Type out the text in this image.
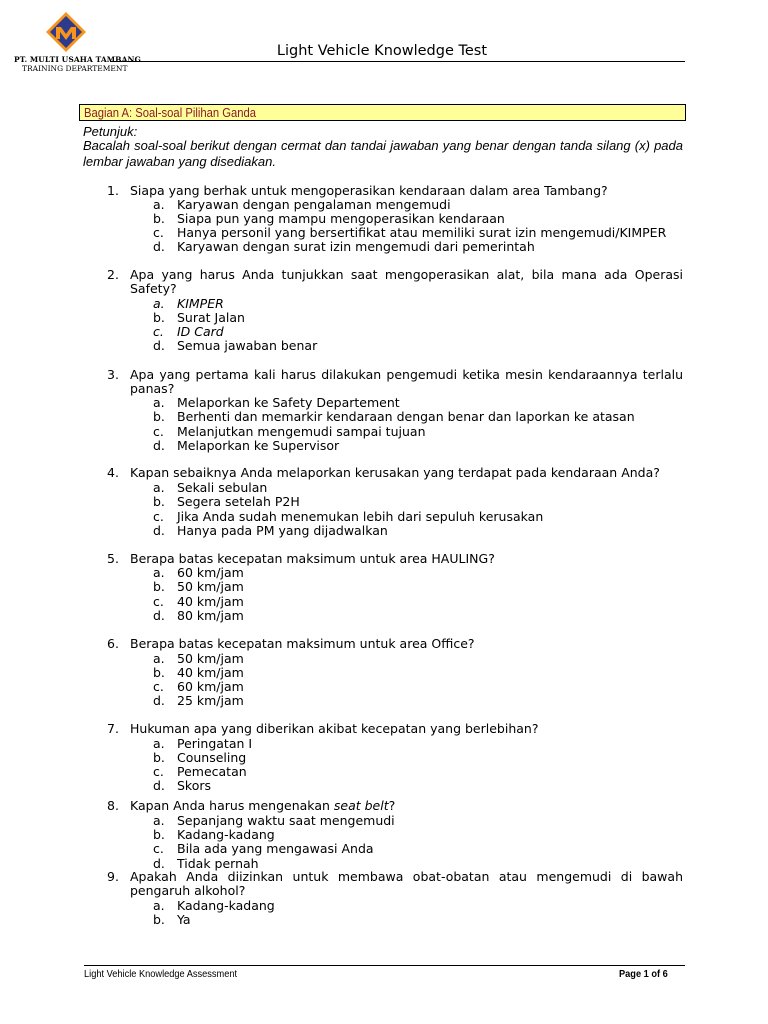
PT. MULTI USAHA TAMBANG
TRAINING DEPARTEMENT
Light Vehicle Knowledge Test
Bagian A: Soal-soal Pilihan Ganda
Petunjuk:
Bacalah soal-soal berikut dengan cermat dan tandai jawaban yang benar dengan tanda silang (x) pada lembar jawaban yang disediakan.
1. Siapa yang berhak untuk mengoperasikan kendaraan dalam area Tambang?
a. Karyawan dengan pengalaman mengemudi
b. Siapa pun yang mampu mengoperasikan kendaraan
c. Hanya personil yang bersertifikat atau memiliki surat izin mengemudi/KIMPER
d. Karyawan dengan surat izin mengemudi dari pemerintah
2. Apa yang harus Anda tunjukkan saat mengoperasikan alat, bila mana ada Operasi Safety?
a. KIMPER
b. Surat Jalan
c. ID Card
d. Semua jawaban benar
3. Apa yang pertama kali harus dilakukan pengemudi ketika mesin kendaraannya terlalu panas?
a. Melaporkan ke Safety Departement
b. Berhenti dan memarkir kendaraan dengan benar dan laporkan ke atasan
c. Melanjutkan mengemudi sampai tujuan
d. Melaporkan ke Supervisor
4. Kapan sebaiknya Anda melaporkan kerusakan yang terdapat pada kendaraan Anda?
a. Sekali sebulan
b. Segera setelah P2H
c. Jika Anda sudah menemukan lebih dari sepuluh kerusakan
d. Hanya pada PM yang dijadwalkan
5. Berapa batas kecepatan maksimum untuk area HAULING?
a. 60 km/jam
b. 50 km/jam
c. 40 km/jam
d. 80 km/jam
6. Berapa batas kecepatan maksimum untuk area Office?
a. 50 km/jam
b. 40 km/jam
c. 60 km/jam
d. 25 km/jam
7. Hukuman apa yang diberikan akibat kecepatan yang berlebihan?
a. Peringatan I
b. Counseling
c. Pemecatan
d. Skors
8. Kapan Anda harus mengenakan seat belt?
a. Sepanjang waktu saat mengemudi
b. Kadang-kadang
c. Bila ada yang mengawasi Anda
d. Tidak pernah
9. Apakah Anda diizinkan untuk membawa obat-obatan atau mengemudi di bawah pengaruh alkohol?
a. Kadang-kadang
b. Ya
Light Vehicle Knowledge Assessment	Page 1 of 6
